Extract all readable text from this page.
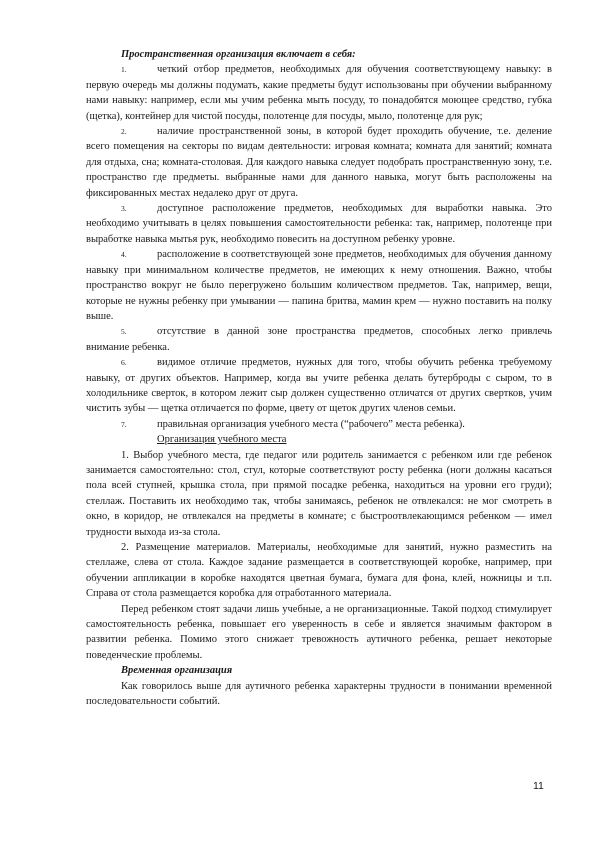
Пространственная организация включает в себя:

1.	четкий отбор предметов, необходимых для обучения соответствующему навыку: в первую очередь мы должны подумать, какие предметы будут использованы при обучении выбранному нами навыку: например, если мы учим ребенка мыть посуду, то понадобятся моющее средство, губка (щетка), контейнер для чистой посуды, полотенце для посуды, мыло, полотенце для рук;
2.	наличие пространственной зоны, в которой будет проходить обучение, т.е. деление всего помещения на секторы по видам деятельности: игровая комната; комната для занятий; комната для отдыха, сна; комната-столовая. Для каждого навыка следует подобрать пространственную зону, т.е. пространство где предметы. выбранные нами для данного навыка, могут быть расположены на фиксированных местах недалеко друг от друга.
3.	доступное расположение предметов, необходимых для выработки навыка. Это необходимо учитывать в целях повышения самостоятельности ребенка: так, например, полотенце при выработке навыка мытья рук, необходимо повесить на доступном ребенку уровне.
4.	расположение в соответствующей зоне предметов, необходимых для обучения данному навыку при минимальном количестве предметов, не имеющих к нему отношения. Важно, чтобы пространство вокруг не было перегружено большим количеством предметов. Так, например, вещи, которые не нужны ребенку при умывании — папина бритва, мамин крем — нужно поставить на полку выше.
5.	отсутствие в данной зоне пространства предметов, способных легко привлечь внимание ребенка.
6.	видимое отличие предметов, нужных для того, чтобы обучить ребенка требуемому навыку, от других объектов. Например, когда вы учите ребенка делать бутерброды с сыром, то в холодильнике сверток, в котором лежит сыр должен существенно отличатся от других свертков, учим чистить зубы — щетка отличается по форме, цвету от щеток других членов семьи.
7.	правильная организация учебного места (“рабочего” места ребенка).

Организация учебного места

1. Выбор учебного места, где педагог или родитель занимается с ребенком или где ребенок занимается самостоятельно: стол, стул, которые соответствуют росту ребенка (ноги должны касаться пола всей ступней, крышка стола, при прямой посадке ребенка, находиться на уровни его груди); стеллаж. Поставить их необходимо так, чтобы занимаясь, ребенок не отвлекался: не мог смотреть в окно, в коридор, не отвлекался на предметы в комнате; с быстроотвлекающимся ребенком — имел трудности выхода из-за стола.

2. Размещение материалов. Материалы, необходимые для занятий, нужно разместить на стеллаже, слева от стола. Каждое задание размещается в соответствующей коробке, например, при обучении аппликации в коробке находятся цветная бумага, бумага для фона, клей, ножницы и т.п. Справа от стола размещается коробка для отработанного материала.

Перед ребенком стоят задачи лишь учебные, а не организационные. Такой подход стимулирует самостоятельность ребенка, повышает его уверенность в себе и является значимым фактором в развитии ребенка. Помимо этого снижает тревожность аутичного ребенка, решает некоторые поведенческие проблемы.

Временная организация

Как говорилось выше для аутичного ребенка характерны трудности в понимании временной последовательности событий.

11
